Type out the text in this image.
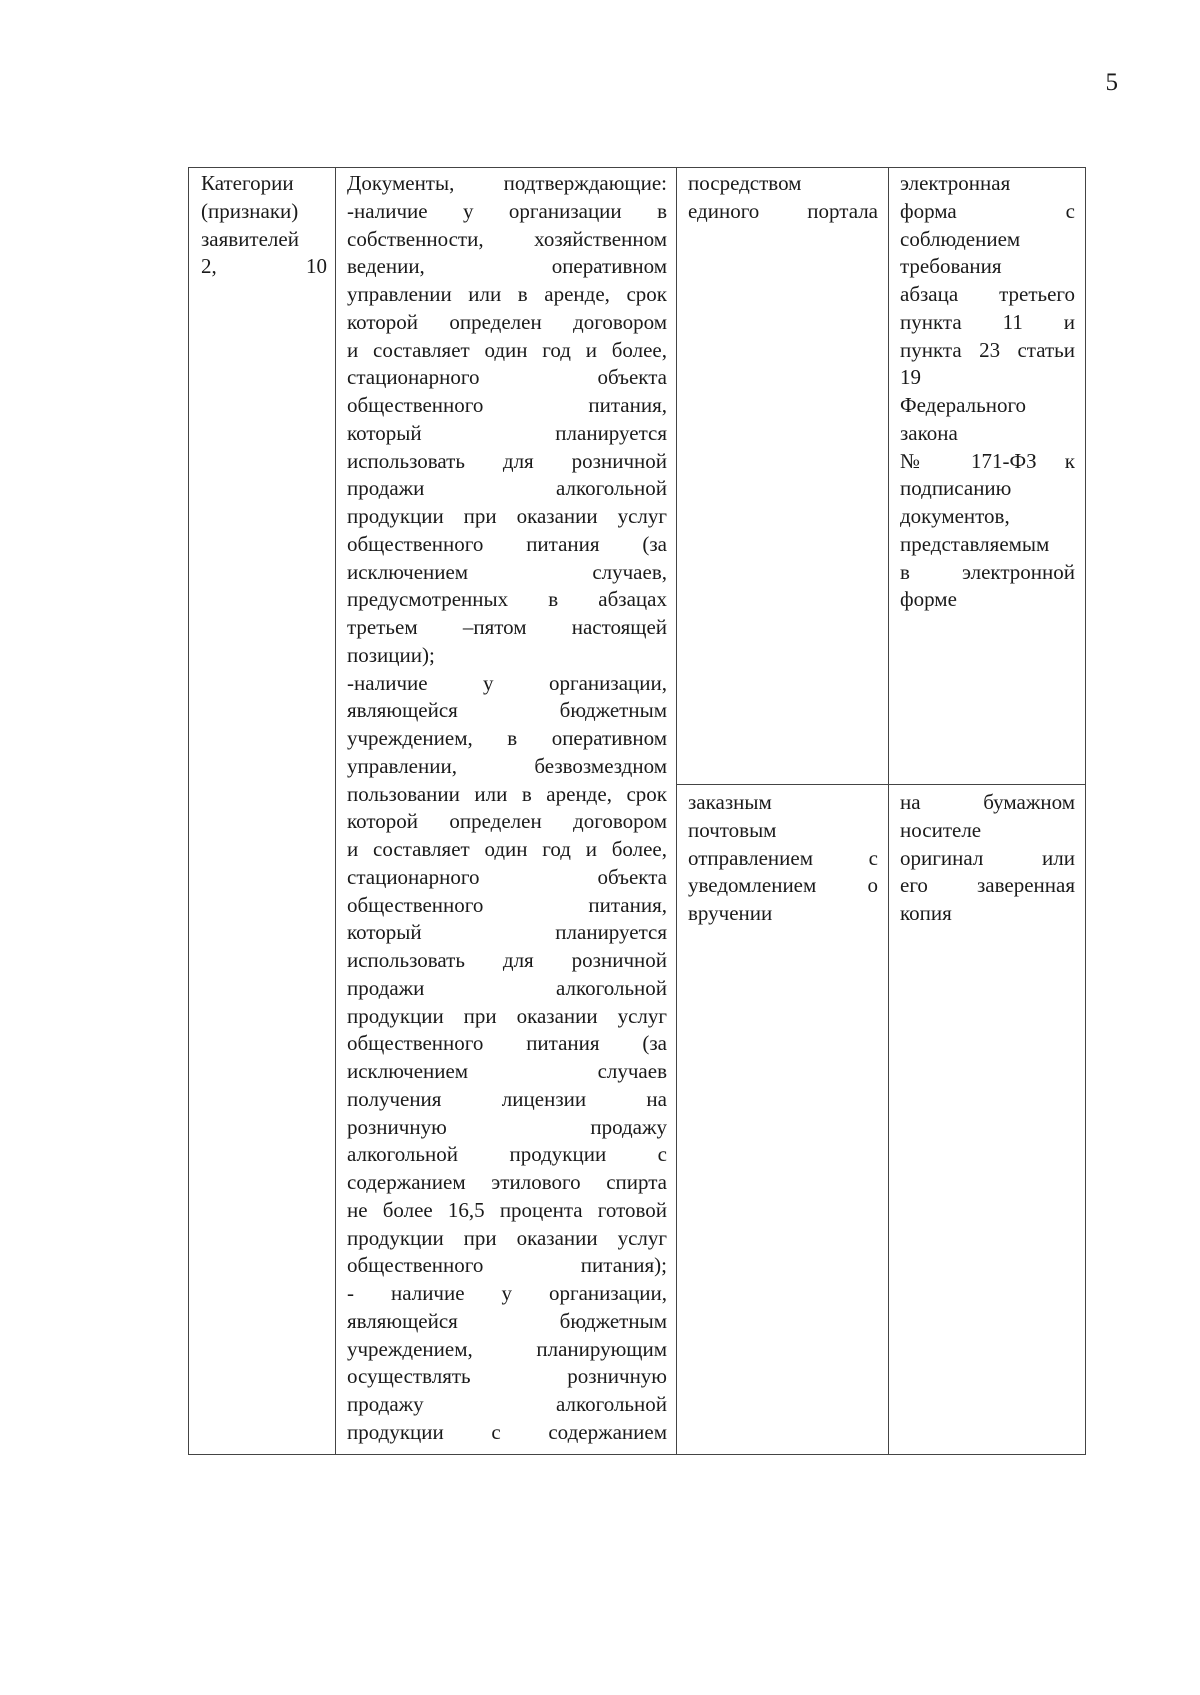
5
Категории
(признаки)
заявителей
2, 10
Документы, подтверждающие:
-наличие у организации в
собственности, хозяйственном
ведении, оперативном
управлении или в аренде, срок
которой определен договором
и составляет один год и более,
стационарного объекта
общественного питания,
который планируется
использовать для розничной
продажи алкогольной
продукции при оказании услуг
общественного питания (за
исключением случаев,
предусмотренных в абзацах
третьем –пятом настоящей
позиции);
-наличие у организации,
являющейся бюджетным
учреждением, в оперативном
управлении, безвозмездном
пользовании или в аренде, срок
которой определен договором
и составляет один год и более,
стационарного объекта
общественного питания,
который планируется
использовать для розничной
продажи алкогольной
продукции при оказании услуг
общественного питания (за
исключением случаев
получения лицензии на
розничную продажу
алкогольной продукции с
содержанием этилового спирта
не более 16,5 процента готовой
продукции при оказании услуг
общественного питания);
- наличие у организации,
являющейся бюджетным
учреждением, планирующим
осуществлять розничную
продажу алкогольной
продукции с содержанием
посредством
единого портала
электронная
форма с
соблюдением
требования
абзаца третьего
пункта 11 и
пункта 23 статьи
19
Федерального
закона
№ 171-ФЗ к
подписанию
документов,
представляемым
в электронной
форме
заказным
почтовым
отправлением с
уведомлением о
вручении
на бумажном
носителе
оригинал или
его заверенная
копия
